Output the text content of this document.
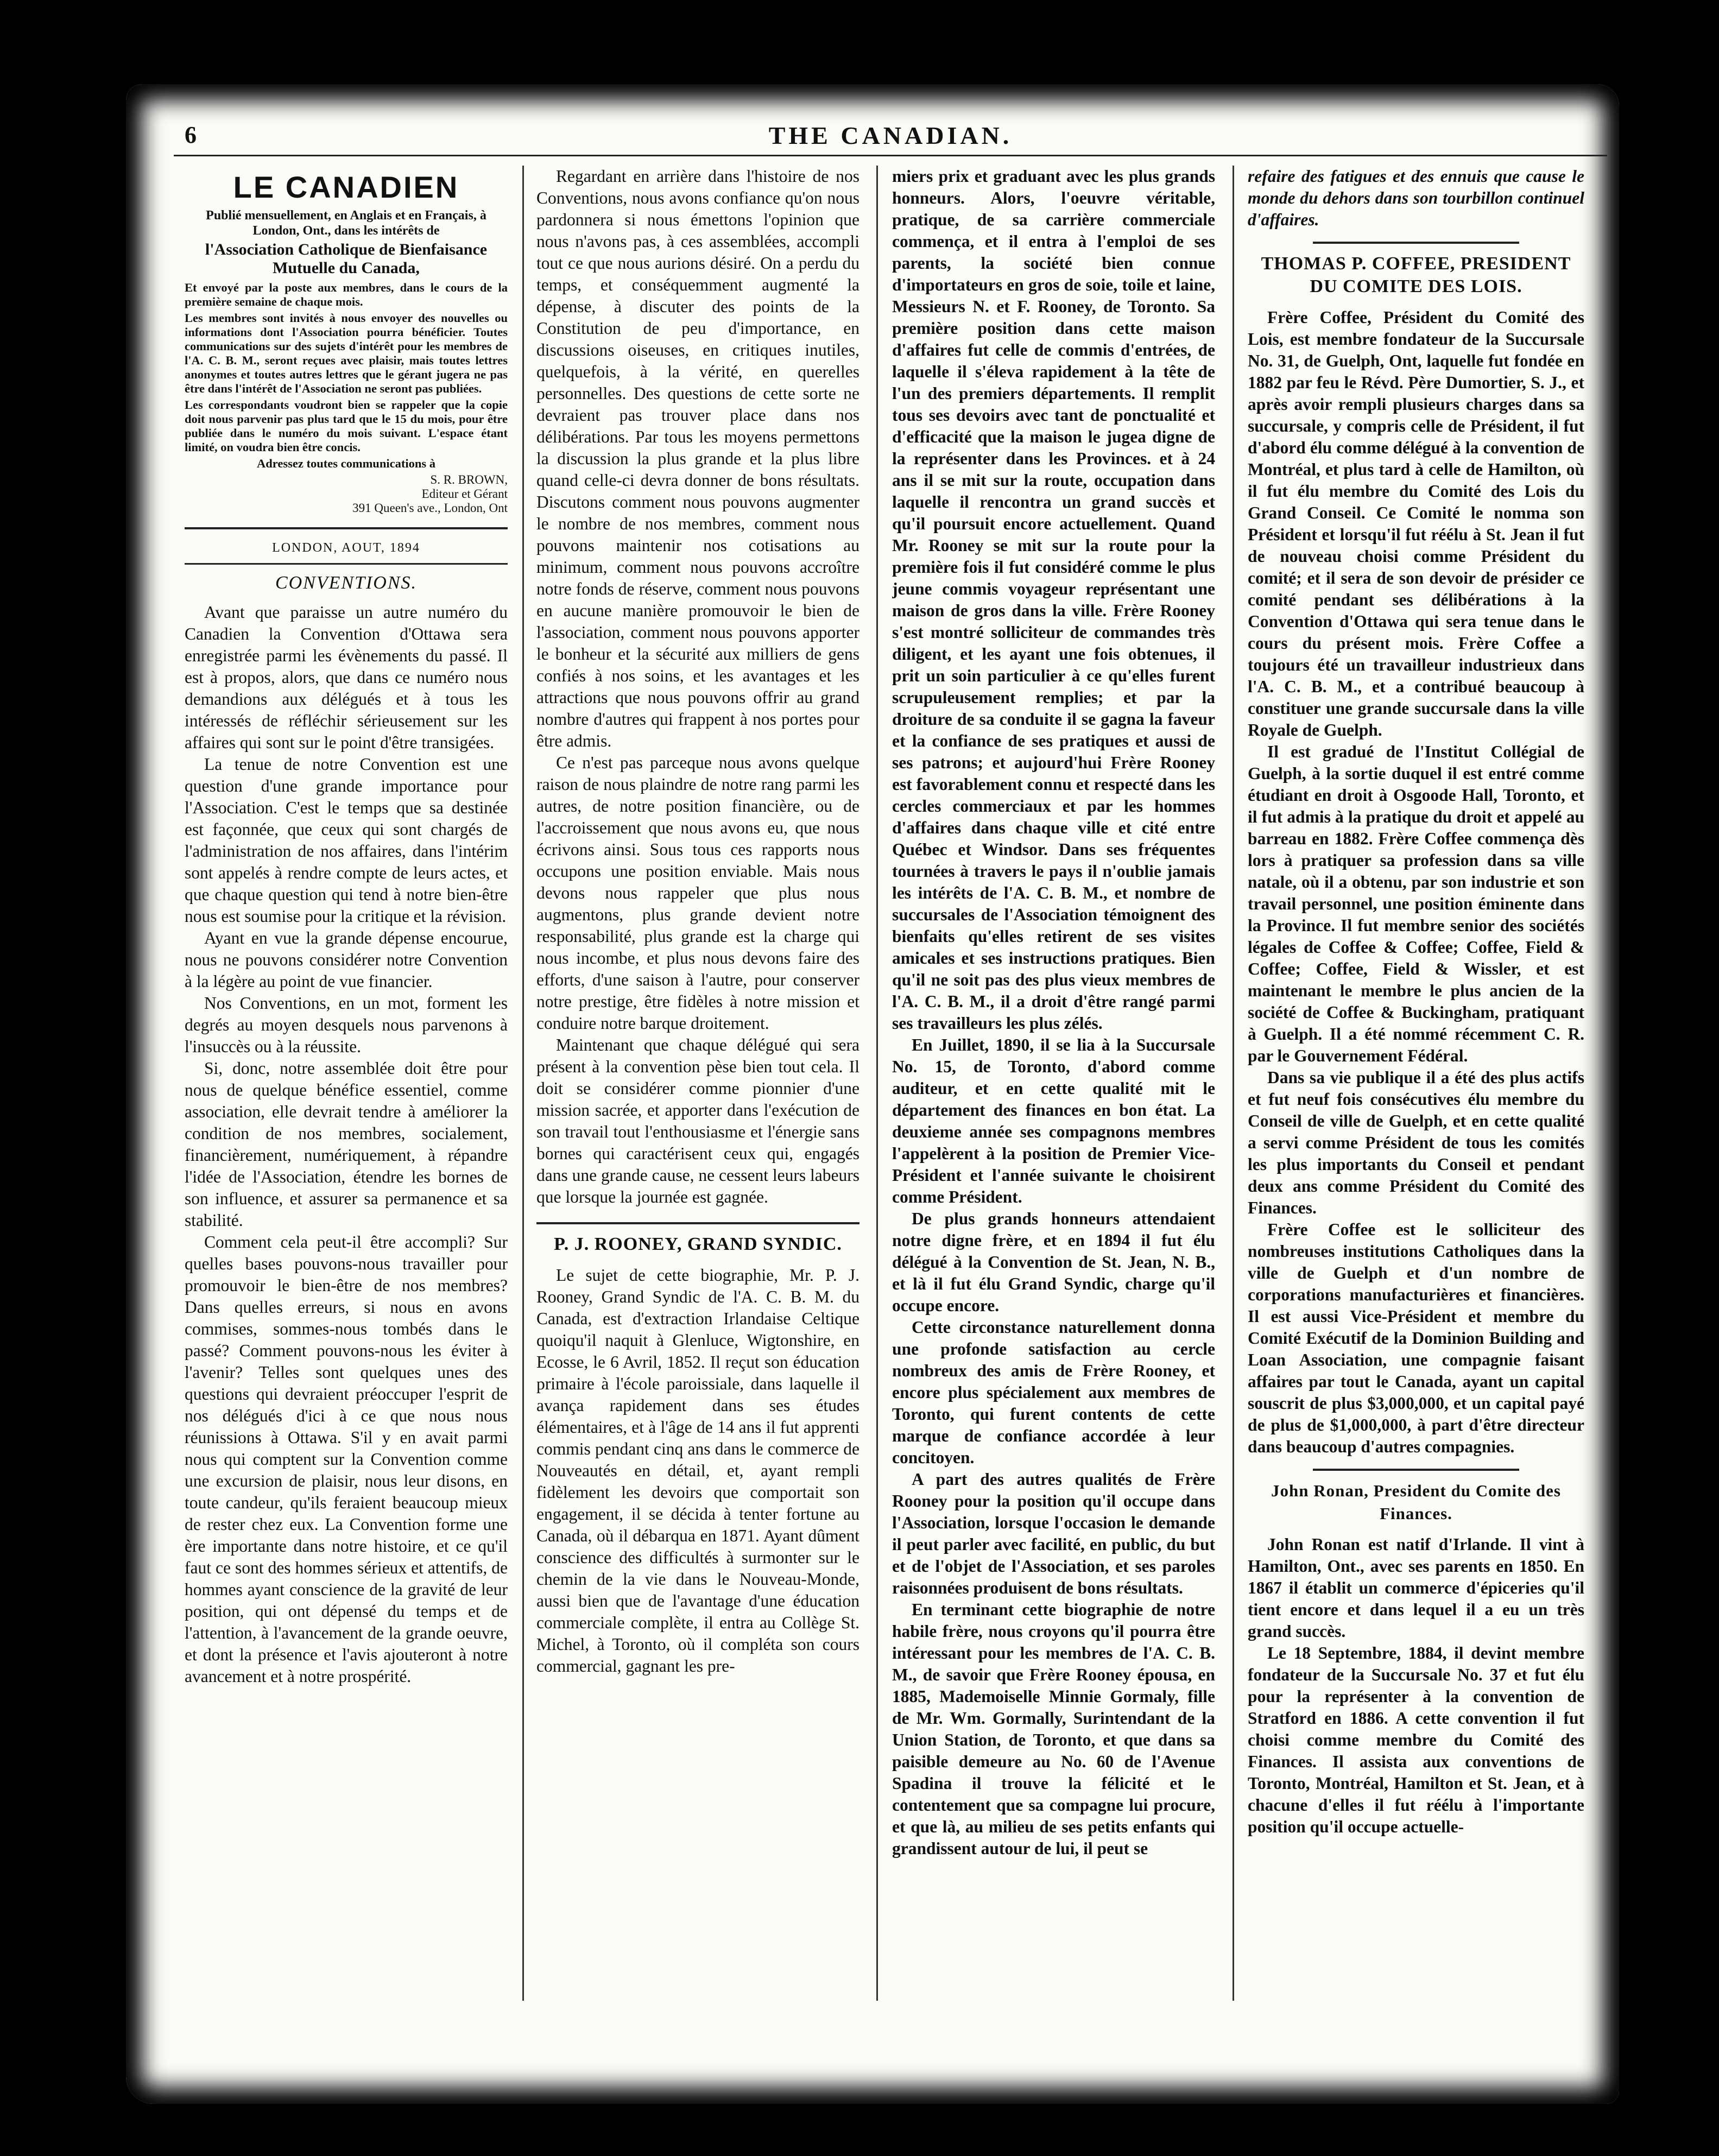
6	THE CANADIAN.
LE CANADIEN

Publié mensuellement, en Anglais et en Français, à London, Ont., dans les intérêts de

l'Association Catholique de Bienfaisance Mutuelle du Canada,

Et envoyé par la poste aux membres, dans le cours de la première semaine de chaque mois.

Les membres sont invités à nous envoyer des nouvelles ou informations dont l'Association pourra bénéficier. Toutes communications sur des sujets d'intérêt pour les membres de l'A. C. B. M., seront reçues avec plaisir, mais toutes lettres anonymes et toutes autres lettres que le gérant jugera ne pas être dans l'intérêt de l'Association ne seront pas publiées.

Les correspondants voudront bien se rappeler que la copie doit nous parvenir pas plus tard que le 15 du mois, pour être publiée dans le numéro du mois suivant. L'espace étant limité, on voudra bien être concis.

Adressez toutes communications à

S. R. BROWN,

Editeur et Gérant

391 Queen's ave., London, Ont

LONDON, AOUT, 1894

CONVENTIONS.

Avant que paraisse un autre numéro du Canadien la Convention d'Ottawa sera enregistrée parmi les évènements du passé. Il est à propos, alors, que dans ce numéro nous demandions aux délégués et à tous les intéressés de réfléchir sérieusement sur les affaires qui sont sur le point d'être transigées.

La tenue de notre Convention est une question d'une grande importance pour l'Association. C'est le temps que sa destinée est façonnée, que ceux qui sont chargés de l'administration de nos affaires, dans l'intérim sont appelés à rendre compte de leurs actes, et que chaque question qui tend à notre bien-être nous est soumise pour la critique et la révision.

Ayant en vue la grande dépense encourue, nous ne pouvons considérer notre Convention à la légère au point de vue financier.

Nos Conventions, en un mot, forment les degrés au moyen desquels nous parvenons à l'insuccès ou à la réussite.

Si, donc, notre assemblée doit être pour nous de quelque bénéfice essentiel, comme association, elle devrait tendre à améliorer la condition de nos membres, socialement, financièrement, numériquement, à répandre l'idée de l'Association, étendre les bornes de son influence, et assurer sa permanence et sa stabilité.

Comment cela peut-il être accompli? Sur quelles bases pouvons-nous travailler pour promouvoir le bien-être de nos membres? Dans quelles erreurs, si nous en avons commises, sommes-nous tombés dans le passé? Comment pouvons-nous les éviter à l'avenir? Telles sont quelques unes des questions qui devraient préoccuper l'esprit de nos délégués d'ici à ce que nous nous réunissions à Ottawa. S'il y en avait parmi nous qui comptent sur la Convention comme une excursion de plaisir, nous leur disons, en toute candeur, qu'ils feraient beaucoup mieux de rester chez eux. La Convention forme une ère importante dans notre histoire, et ce qu'il faut ce sont des hommes sérieux et attentifs, de hommes ayant conscience de la gravité de leur position, qui ont dépensé du temps et de l'attention, à l'avancement de la grande oeuvre, et dont la présence et l'avis ajouteront à notre avancement et à notre prospérité.

Regardant en arrière dans l'histoire de nos Conventions, nous avons confiance qu'on nous pardonnera si nous émettons l'opinion que nous n'avons pas, à ces assemblées, accompli tout ce que nous aurions désiré. On a perdu du temps, et conséquemment augmenté la dépense, à discuter des points de la Constitution de peu d'importance, en discussions oiseuses, en critiques inutiles, quelquefois, à la vérité, en querelles personnelles. Des questions de cette sorte ne devraient pas trouver place dans nos délibérations. Par tous les moyens permettons la discussion la plus grande et la plus libre quand celle-ci devra donner de bons résultats. Discutons comment nous pouvons augmenter le nombre de nos membres, comment nous pouvons maintenir nos cotisations au minimum, comment nous pouvons accroître notre fonds de réserve, comment nous pouvons en aucune manière promouvoir le bien de l'association, comment nous pouvons apporter le bonheur et la sécurité aux milliers de gens confiés à nos soins, et les avantages et les attractions que nous pouvons offrir au grand nombre d'autres qui frappent à nos portes pour être admis.

Ce n'est pas parceque nous avons quelque raison de nous plaindre de notre rang parmi les autres, de notre position financière, ou de l'accroissement que nous avons eu, que nous écrivons ainsi. Sous tous ces rapports nous occupons une position enviable. Mais nous devons nous rappeler que plus nous augmentons, plus grande devient notre responsabilité, plus grande est la charge qui nous incombe, et plus nous devons faire des efforts, d'une saison à l'autre, pour conserver notre prestige, être fidèles à notre mission et conduire notre barque droitement.

Maintenant que chaque délégué qui sera présent à la convention pèse bien tout cela. Il doit se considérer comme pionnier d'une mission sacrée, et apporter dans l'exécution de son travail tout l'enthousiasme et l'énergie sans bornes qui caractérisent ceux qui, engagés dans une grande cause, ne cessent leurs labeurs que lorsque la journée est gagnée.

P. J. ROONEY, GRAND SYNDIC.

Le sujet de cette biographie, Mr. P. J. Rooney, Grand Syndic de l'A. C. B. M. du Canada, est d'extraction Irlandaise Celtique quoiqu'il naquit à Glenluce, Wigtonshire, en Ecosse, le 6 Avril, 1852. Il reçut son éducation primaire à l'école paroissiale, dans laquelle il avança rapidement dans ses études élémentaires, et à l'âge de 14 ans il fut apprenti commis pendant cinq ans dans le commerce de Nouveautés en détail, et, ayant rempli fidèlement les devoirs que comportait son engagement, il se décida à tenter fortune au Canada, où il débarqua en 1871. Ayant dûment conscience des difficultés à surmonter sur le chemin de la vie dans le Nouveau-Monde, aussi bien que de l'avantage d'une éducation commerciale complète, il entra au Collège St. Michel, à Toronto, où il compléta son cours commercial, gagnant les pre-

miers prix et graduant avec les plus grands honneurs. Alors, l'oeuvre véritable, pratique, de sa carrière commerciale commença, et il entra à l'emploi de ses parents, la société bien connue d'importateurs en gros de soie, toile et laine, Messieurs N. et F. Rooney, de Toronto. Sa première position dans cette maison d'affaires fut celle de commis d'entrées, de laquelle il s'éleva rapidement à la tête de l'un des premiers départements. Il remplit tous ses devoirs avec tant de ponctualité et d'efficacité que la maison le jugea digne de la représenter dans les Provinces. et à 24 ans il se mit sur la route, occupation dans laquelle il rencontra un grand succès et qu'il poursuit encore actuellement. Quand Mr. Rooney se mit sur la route pour la première fois il fut considéré comme le plus jeune commis voyageur représentant une maison de gros dans la ville. Frère Rooney s'est montré solliciteur de commandes très diligent, et les ayant une fois obtenues, il prit un soin particulier à ce qu'elles furent scrupuleusement remplies; et par la droiture de sa conduite il se gagna la faveur et la confiance de ses pratiques et aussi de ses patrons; et aujourd'hui Frère Rooney est favorablement connu et respecté dans les cercles commerciaux et par les hommes d'affaires dans chaque ville et cité entre Québec et Windsor. Dans ses fréquentes tournées à travers le pays il n'oublie jamais les intérêts de l'A. C. B. M., et nombre de succursales de l'Association témoignent des bienfaits qu'elles retirent de ses visites amicales et ses instructions pratiques. Bien qu'il ne soit pas des plus vieux membres de l'A. C. B. M., il a droit d'être rangé parmi ses travailleurs les plus zélés.

En Juillet, 1890, il se lia à la Succursale No. 15, de Toronto, d'abord comme auditeur, et en cette qualité mit le département des finances en bon état. La deuxieme année ses compagnons membres l'appelèrent à la position de Premier Vice-Président et l'année suivante le choisirent comme Président.

De plus grands honneurs attendaient notre digne frère, et en 1894 il fut élu délégué à la Convention de St. Jean, N. B., et là il fut élu Grand Syndic, charge qu'il occupe encore.

Cette circonstance naturellement donna une profonde satisfaction au cercle nombreux des amis de Frère Rooney, et encore plus spécialement aux membres de Toronto, qui furent contents de cette marque de confiance accordée à leur concitoyen.

A part des autres qualités de Frère Rooney pour la position qu'il occupe dans l'Association, lorsque l'occasion le demande il peut parler avec facilité, en public, du but et de l'objet de l'Association, et ses paroles raisonnées produisent de bons résultats.

En terminant cette biographie de notre habile frère, nous croyons qu'il pourra être intéressant pour les membres de l'A. C. B. M., de savoir que Frère Rooney épousa, en 1885, Mademoiselle Minnie Gormaly, fille de Mr. Wm. Gormally, Surintendant de la Union Station, de Toronto, et que dans sa paisible demeure au No. 60 de l'Avenue Spadina il trouve la félicité et le contentement que sa compagne lui procure, et que là, au milieu de ses petits enfants qui grandissent autour de lui, il peut se

refaire des fatigues et des ennuis que cause le monde du dehors dans son tourbillon continuel d'affaires.

THOMAS P. COFFEE, PRESIDENT DU COMITE DES LOIS.

Frère Coffee, Président du Comité des Lois, est membre fondateur de la Succursale No. 31, de Guelph, Ont, laquelle fut fondée en 1882 par feu le Révd. Père Dumortier, S. J., et après avoir rempli plusieurs charges dans sa succursale, y compris celle de Président, il fut d'abord élu comme délégué à la convention de Montréal, et plus tard à celle de Hamilton, où il fut élu membre du Comité des Lois du Grand Conseil. Ce Comité le nomma son Président et lorsqu'il fut réélu à St. Jean il fut de nouveau choisi comme Président du comité; et il sera de son devoir de présider ce comité pendant ses délibérations à la Convention d'Ottawa qui sera tenue dans le cours du présent mois. Frère Coffee a toujours été un travailleur industrieux dans l'A. C. B. M., et a contribué beaucoup à constituer une grande succursale dans la ville Royale de Guelph.

Il est gradué de l'Institut Collégial de Guelph, à la sortie duquel il est entré comme étudiant en droit à Osgoode Hall, Toronto, et il fut admis à la pratique du droit et appelé au barreau en 1882. Frère Coffee commença dès lors à pratiquer sa profession dans sa ville natale, où il a obtenu, par son industrie et son travail personnel, une position éminente dans la Province. Il fut membre senior des sociétés légales de Coffee & Coffee; Coffee, Field & Coffee; Coffee, Field & Wissler, et est maintenant le membre le plus ancien de la société de Coffee & Buckingham, pratiquant à Guelph. Il a été nommé récemment C. R. par le Gouvernement Fédéral.

Dans sa vie publique il a été des plus actifs et fut neuf fois consécutives élu membre du Conseil de ville de Guelph, et en cette qualité a servi comme Président de tous les comités les plus importants du Conseil et pendant deux ans comme Président du Comité des Finances.

Frère Coffee est le solliciteur des nombreuses institutions Catholiques dans la ville de Guelph et d'un nombre de corporations manufacturières et financières. Il est aussi Vice-Président et membre du Comité Exécutif de la Dominion Building and Loan Association, une compagnie faisant affaires par tout le Canada, ayant un capital souscrit de plus $3,000,000, et un capital payé de plus de $1,000,000, à part d'être directeur dans beaucoup d'autres compagnies.

John Ronan, President du Comite des Finances.

John Ronan est natif d'Irlande. Il vint à Hamilton, Ont., avec ses parents en 1850. En 1867 il établit un commerce d'épiceries qu'il tient encore et dans lequel il a eu un très grand succès.

Le 18 Septembre, 1884, il devint membre fondateur de la Succursale No. 37 et fut élu pour la représenter à la convention de Stratford en 1886. A cette convention il fut choisi comme membre du Comité des Finances. Il assista aux conventions de Toronto, Montréal, Hamilton et St. Jean, et à chacune d'elles il fut réélu à l'importante position qu'il occupe actuelle-
